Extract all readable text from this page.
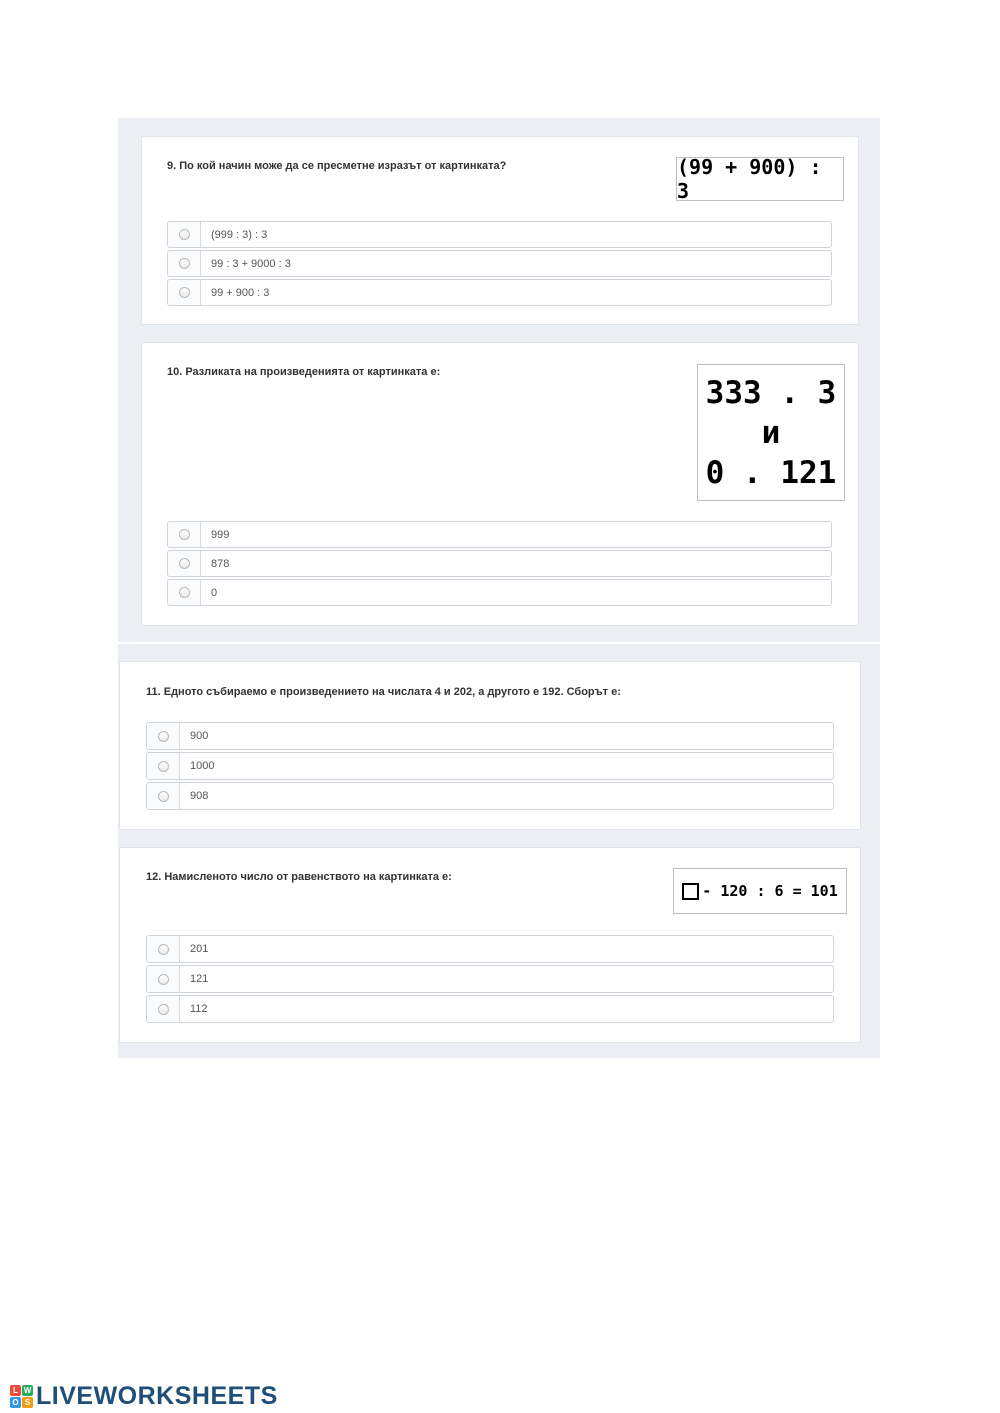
9. По кой начин може да се пресметне изразът от картинката?	(99 + 900) : 3
(999 : 3) : 3
99 : 3 + 9000 : 3
99 + 900 : 3

10. Разликата на произведенията от картинката е:

333 . 3
и
0 . 121
999
878
0

11. Едното събираемо е произведението на числата 4 и 202, а другото е 192. Сборът е:

900
1000
908

12. Намисленото число от равенството на картинката е:

- 120 : 6 = 101
201
121
112
L W
O S LIVEWORKSHEETS
